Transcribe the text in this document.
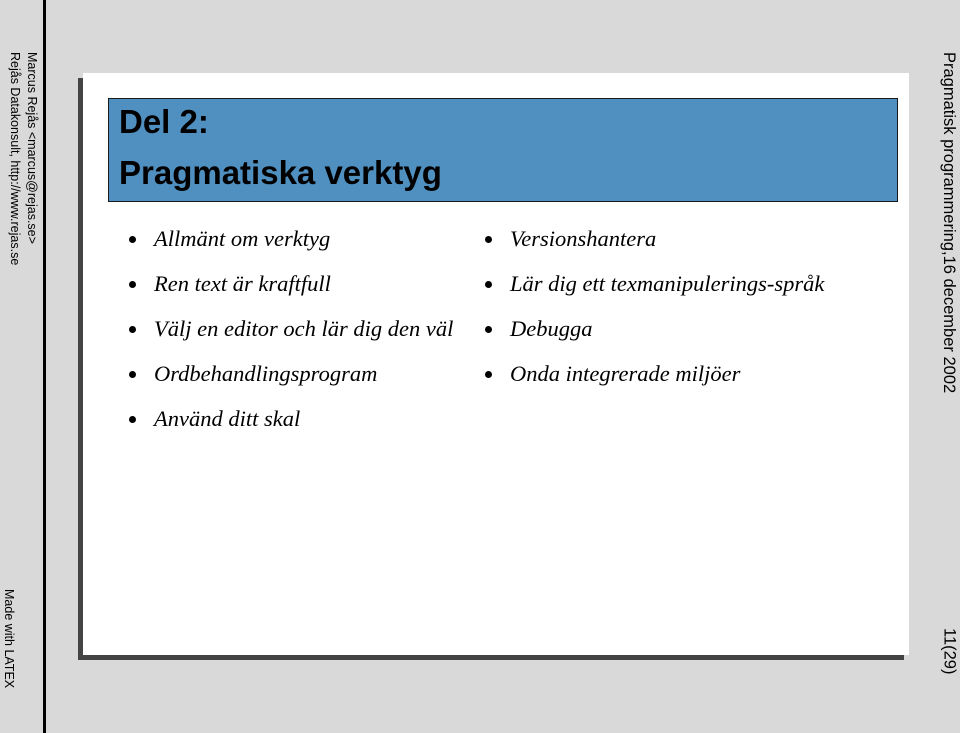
Marcus Rejås <marcus@rejas.se>
Rejås Datakonsult, http://www.rejas.se
Made with LATEX
Pragmatisk programmering,16 december 2002
11(29)
Del 2:
Pragmatiska verktyg
Allmänt om verktyg
Ren text är kraftfull
Välj en editor och lär dig den väl
Ordbehandlingsprogram
Använd ditt skal
Versionshantera
Lär dig ett texmanipulerings-språk
Debugga
Onda integrerade miljöer
